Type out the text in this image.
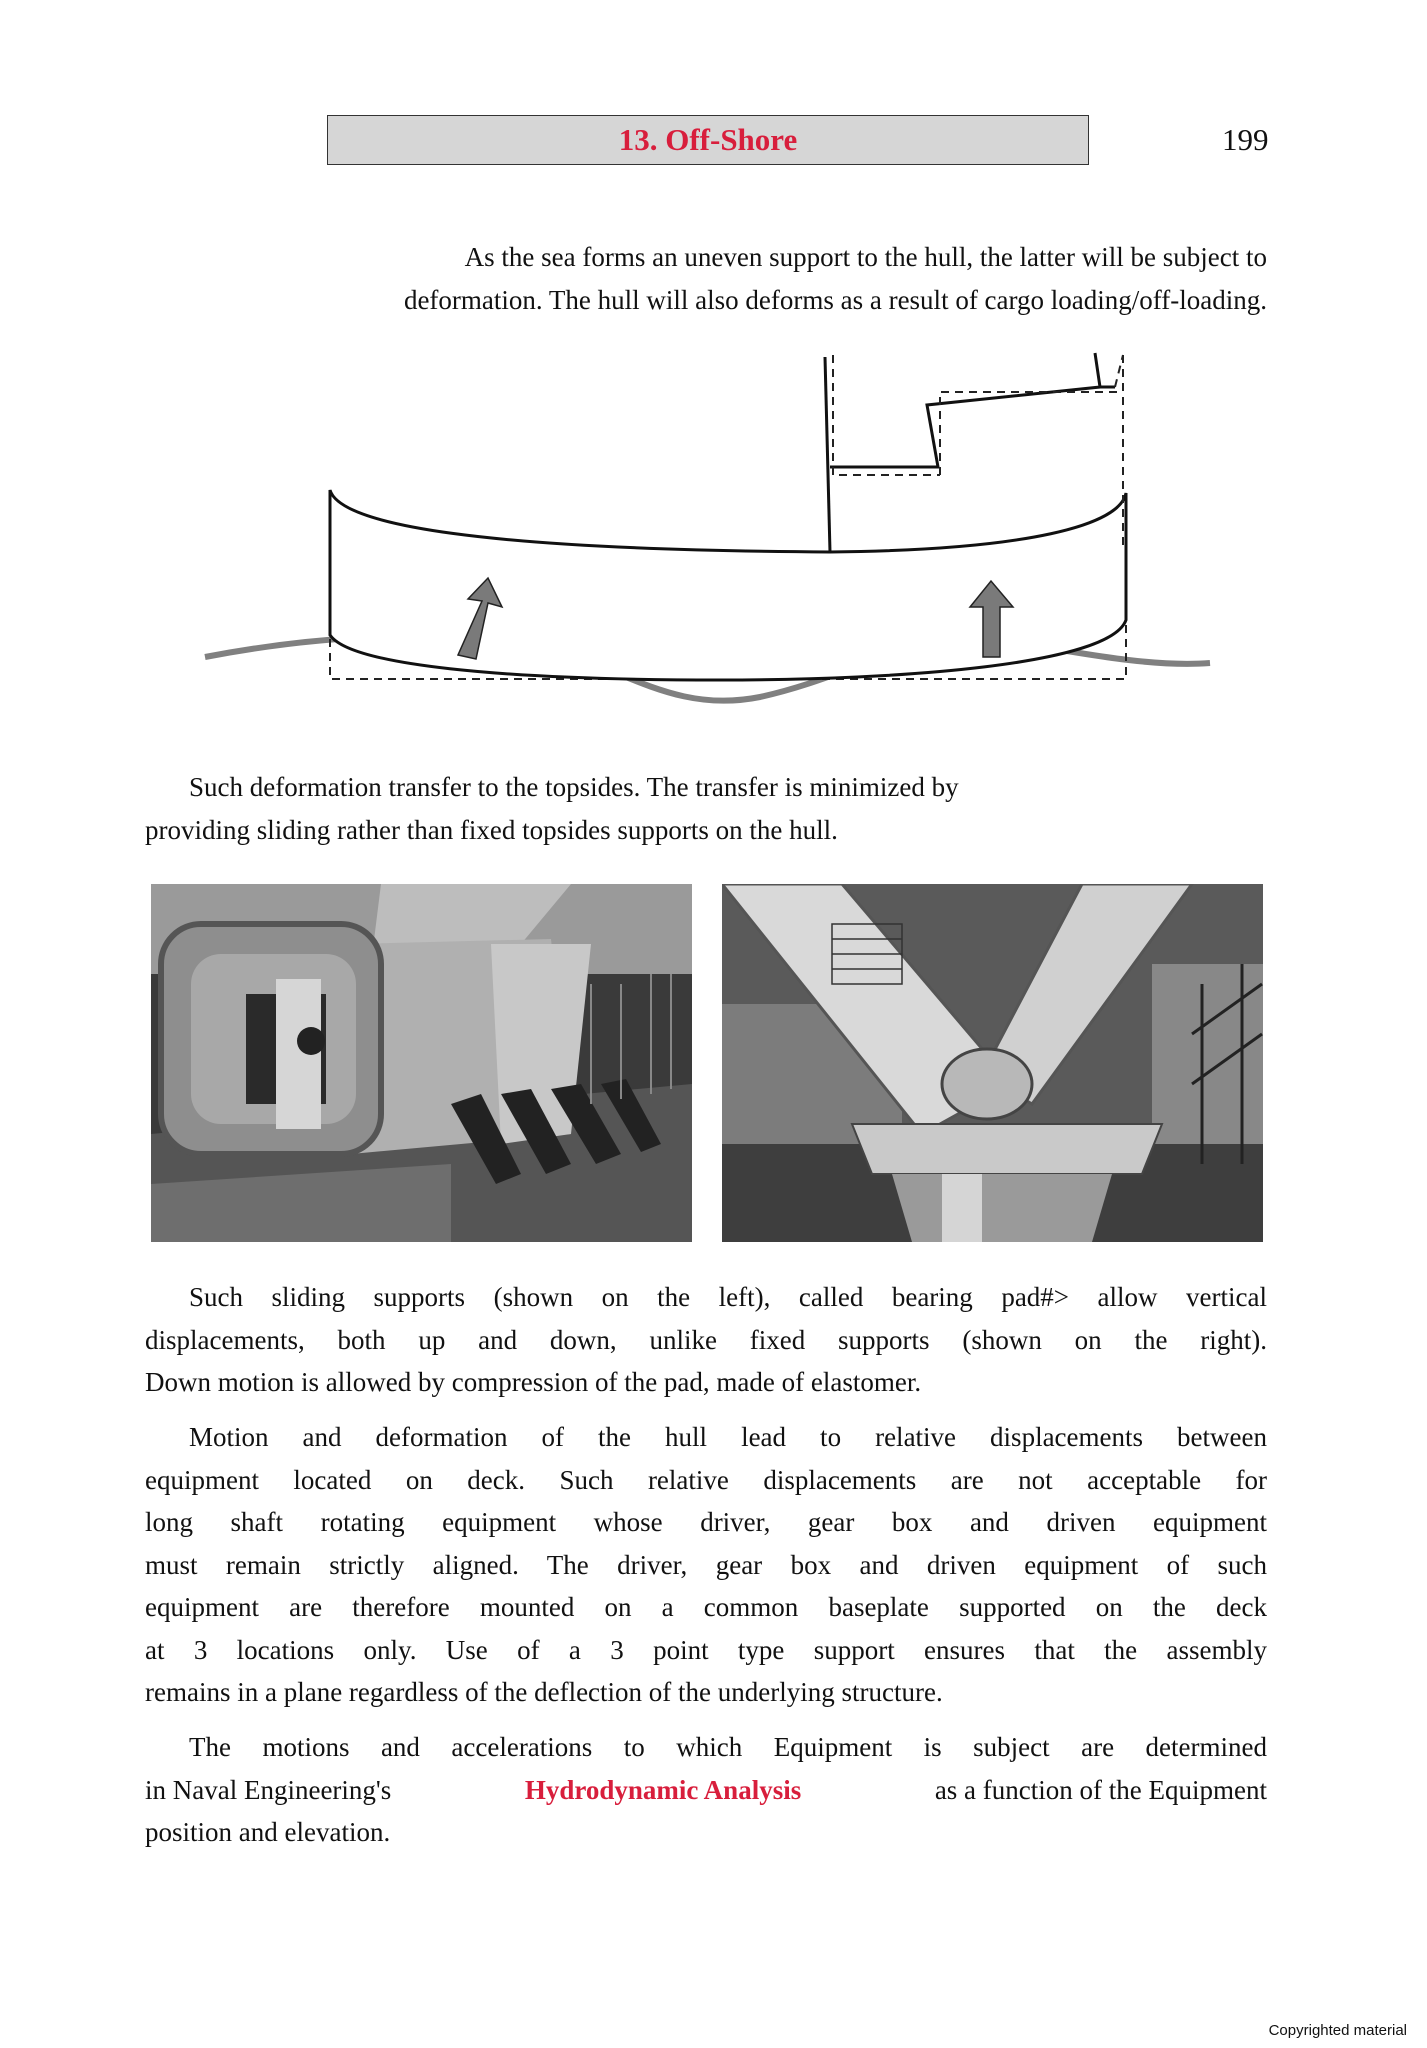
13. Off-Shore	199
As the sea forms an uneven support to the hull, the latter will be subject to
deformation. The hull will also deforms as a result of cargo loading/off-loading.
Such deformation transfer to the topsides. The transfer is minimized by
providing sliding rather than fixed topsides supports on the hull.
Such sliding supports (shown on the left), called bearing pad#> allow vertical
displacements, both up and down, unlike fixed supports (shown on the right).
Down motion is allowed by compression of the pad, made of elastomer.
Motion and deformation of the hull lead to relative displacements between
equipment located on deck. Such relative displacements are not acceptable for
long shaft rotating equipment whose driver, gear box and driven equipment
must remain strictly aligned. The driver, gear box and driven equipment of such
equipment are therefore mounted on a common baseplate supported on the deck
at 3 locations only. Use of a 3 point type support ensures that the assembly
remains in a plane regardless of the deflection of the underlying structure.
The motions and accelerations to which Equipment is subject are determined
in Naval Engineering's	Hydrodynamic Analysis	as a function of the Equipment
position and elevation.
Copyrighted material
